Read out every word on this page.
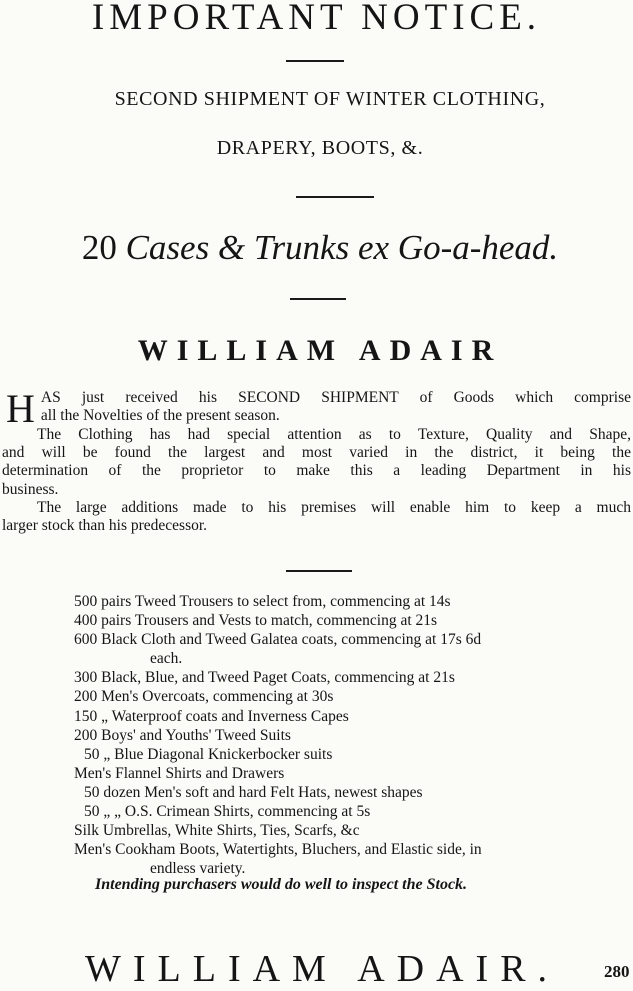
IMPORTANT NOTICE.
SECOND SHIPMENT OF WINTER CLOTHING,
DRAPERY, BOOTS, &.
20 Cases & Trunks ex Go-a-head.
WILLIAM ADAIR
H AS just received his SECOND SHIPMENT of Goods which comprise
all the Novelties of the present season.
The Clothing has had special attention as to Texture, Quality and Shape,
and will be found the largest and most varied in the district, it being the
determination of the proprietor to make this a leading Department in his
business.
The large additions made to his premises will enable him to keep a much
larger stock than his predecessor.
500 pairs Tweed Trousers to select from, commencing at 14s
400 pairs Trousers and Vests to match, commencing at 21s
600 Black Cloth and Tweed Galatea coats, commencing at 17s 6d
each.
300 Black, Blue, and Tweed Paget Coats, commencing at 21s
200 Men's Overcoats, commencing at 30s
150 „ Waterproof coats and Inverness Capes
200 Boys' and Youths' Tweed Suits
50 „ Blue Diagonal Knickerbocker suits
Men's Flannel Shirts and Drawers
50 dozen Men's soft and hard Felt Hats, newest shapes
50 „ „ O.S. Crimean Shirts, commencing at 5s
Silk Umbrellas, White Shirts, Ties, Scarfs, &c
Men's Cookham Boots, Watertights, Bluchers, and Elastic side, in
endless variety.
Intending purchasers would do well to inspect the Stock.
WILLIAM ADAIR.	280
